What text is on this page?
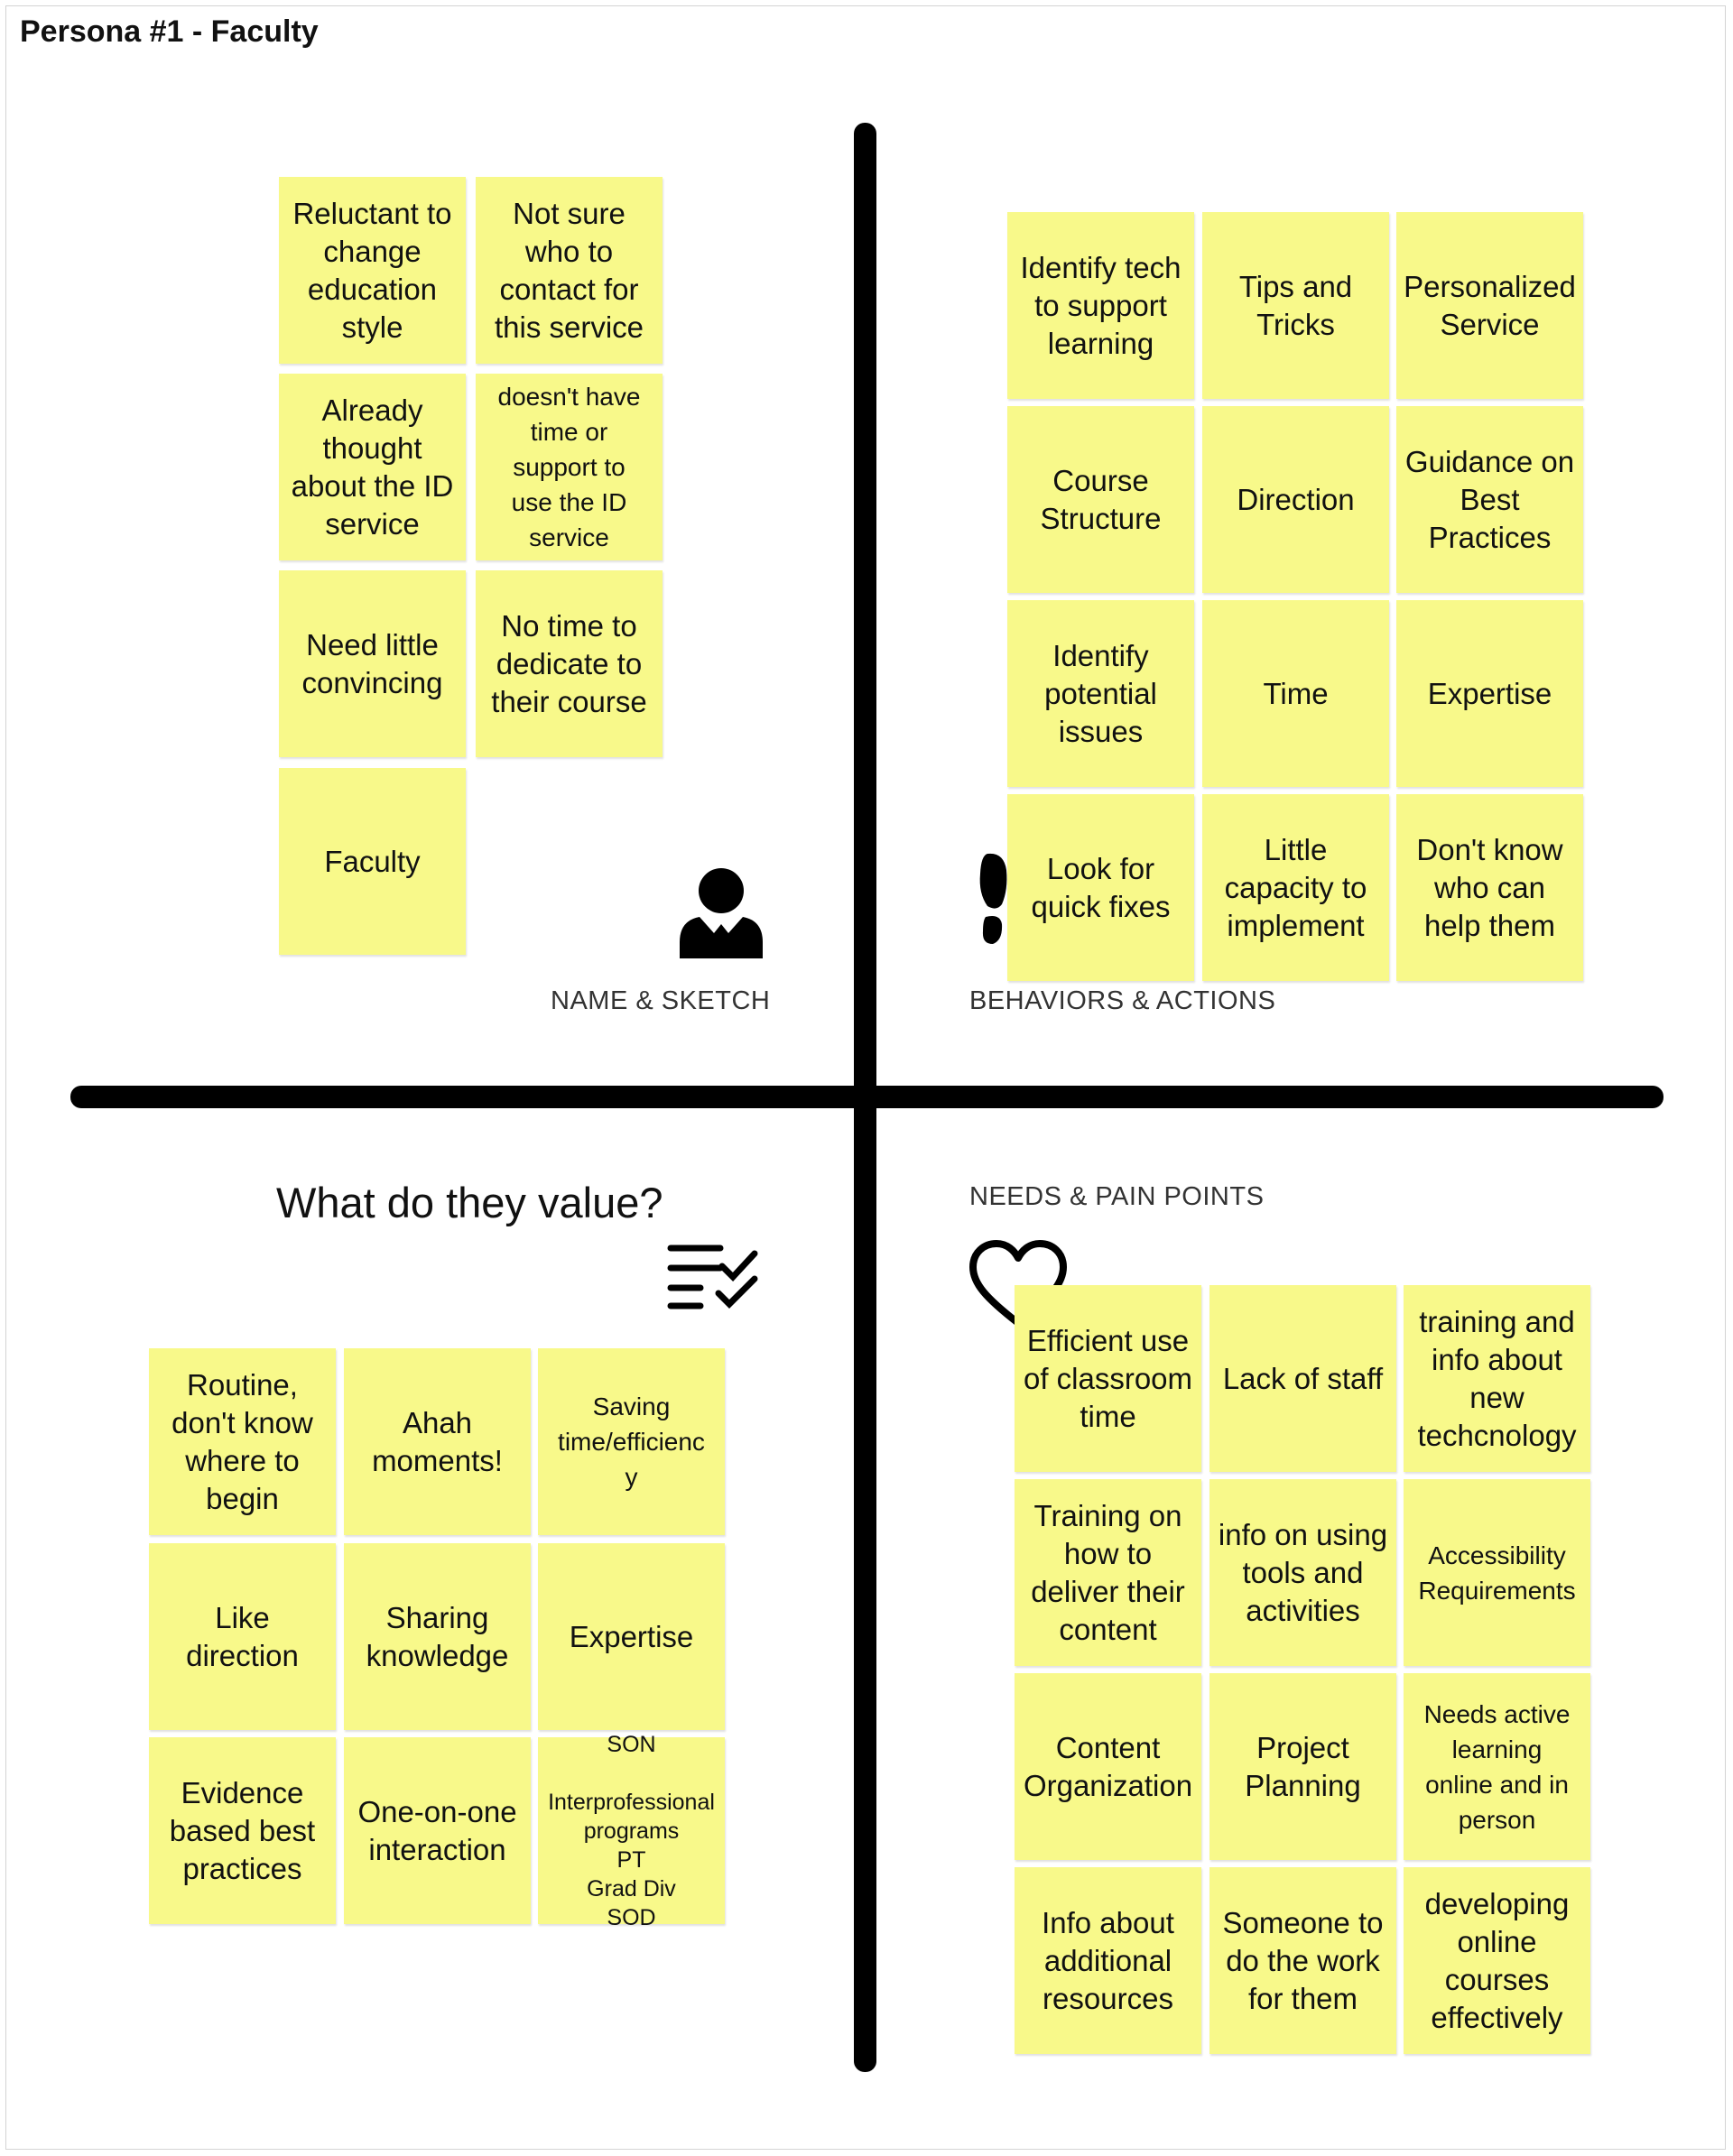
Persona #1 - Faculty
NAME & SKETCH	BEHAVIORS & ACTIONS
NEEDS & PAIN POINTS
What do they value?
Reluctant to
change
education
style
Not sure
who to
contact for
this service
Already
thought
about the ID
service
doesn't have
time or
support to
use the ID
service
Need little
convincing
No time to
dedicate to
their course
Faculty
Identify tech
to support
learning
Tips and
Tricks
Personalized
Service
Course
Structure
Direction
Guidance on
Best
Practices
Identify
potential
issues
Time	Expertise
Look for
quick fixes
Little
capacity to
implement
Don't know
who can
help them
Routine,
don't know
where to
begin
Ahah
moments!
Saving
time/efficienc
y
Like
direction
Sharing
knowledge
Expertise
Evidence
based best
practices
One-on-one
interaction
SON

Interprofessional
programs
PT
Grad Div
SOD
Efficient use
of classroom
time
Lack of staff
training and
info about
new
techcnology
Training on
how to
deliver their
content
info on using
tools and
activities
Accessibility
Requirements
Content
Organization
Project
Planning
Needs active
learning
online and in
person
Info about
additional
resources
Someone to
do the work
for them
developing
online
courses
effectively
